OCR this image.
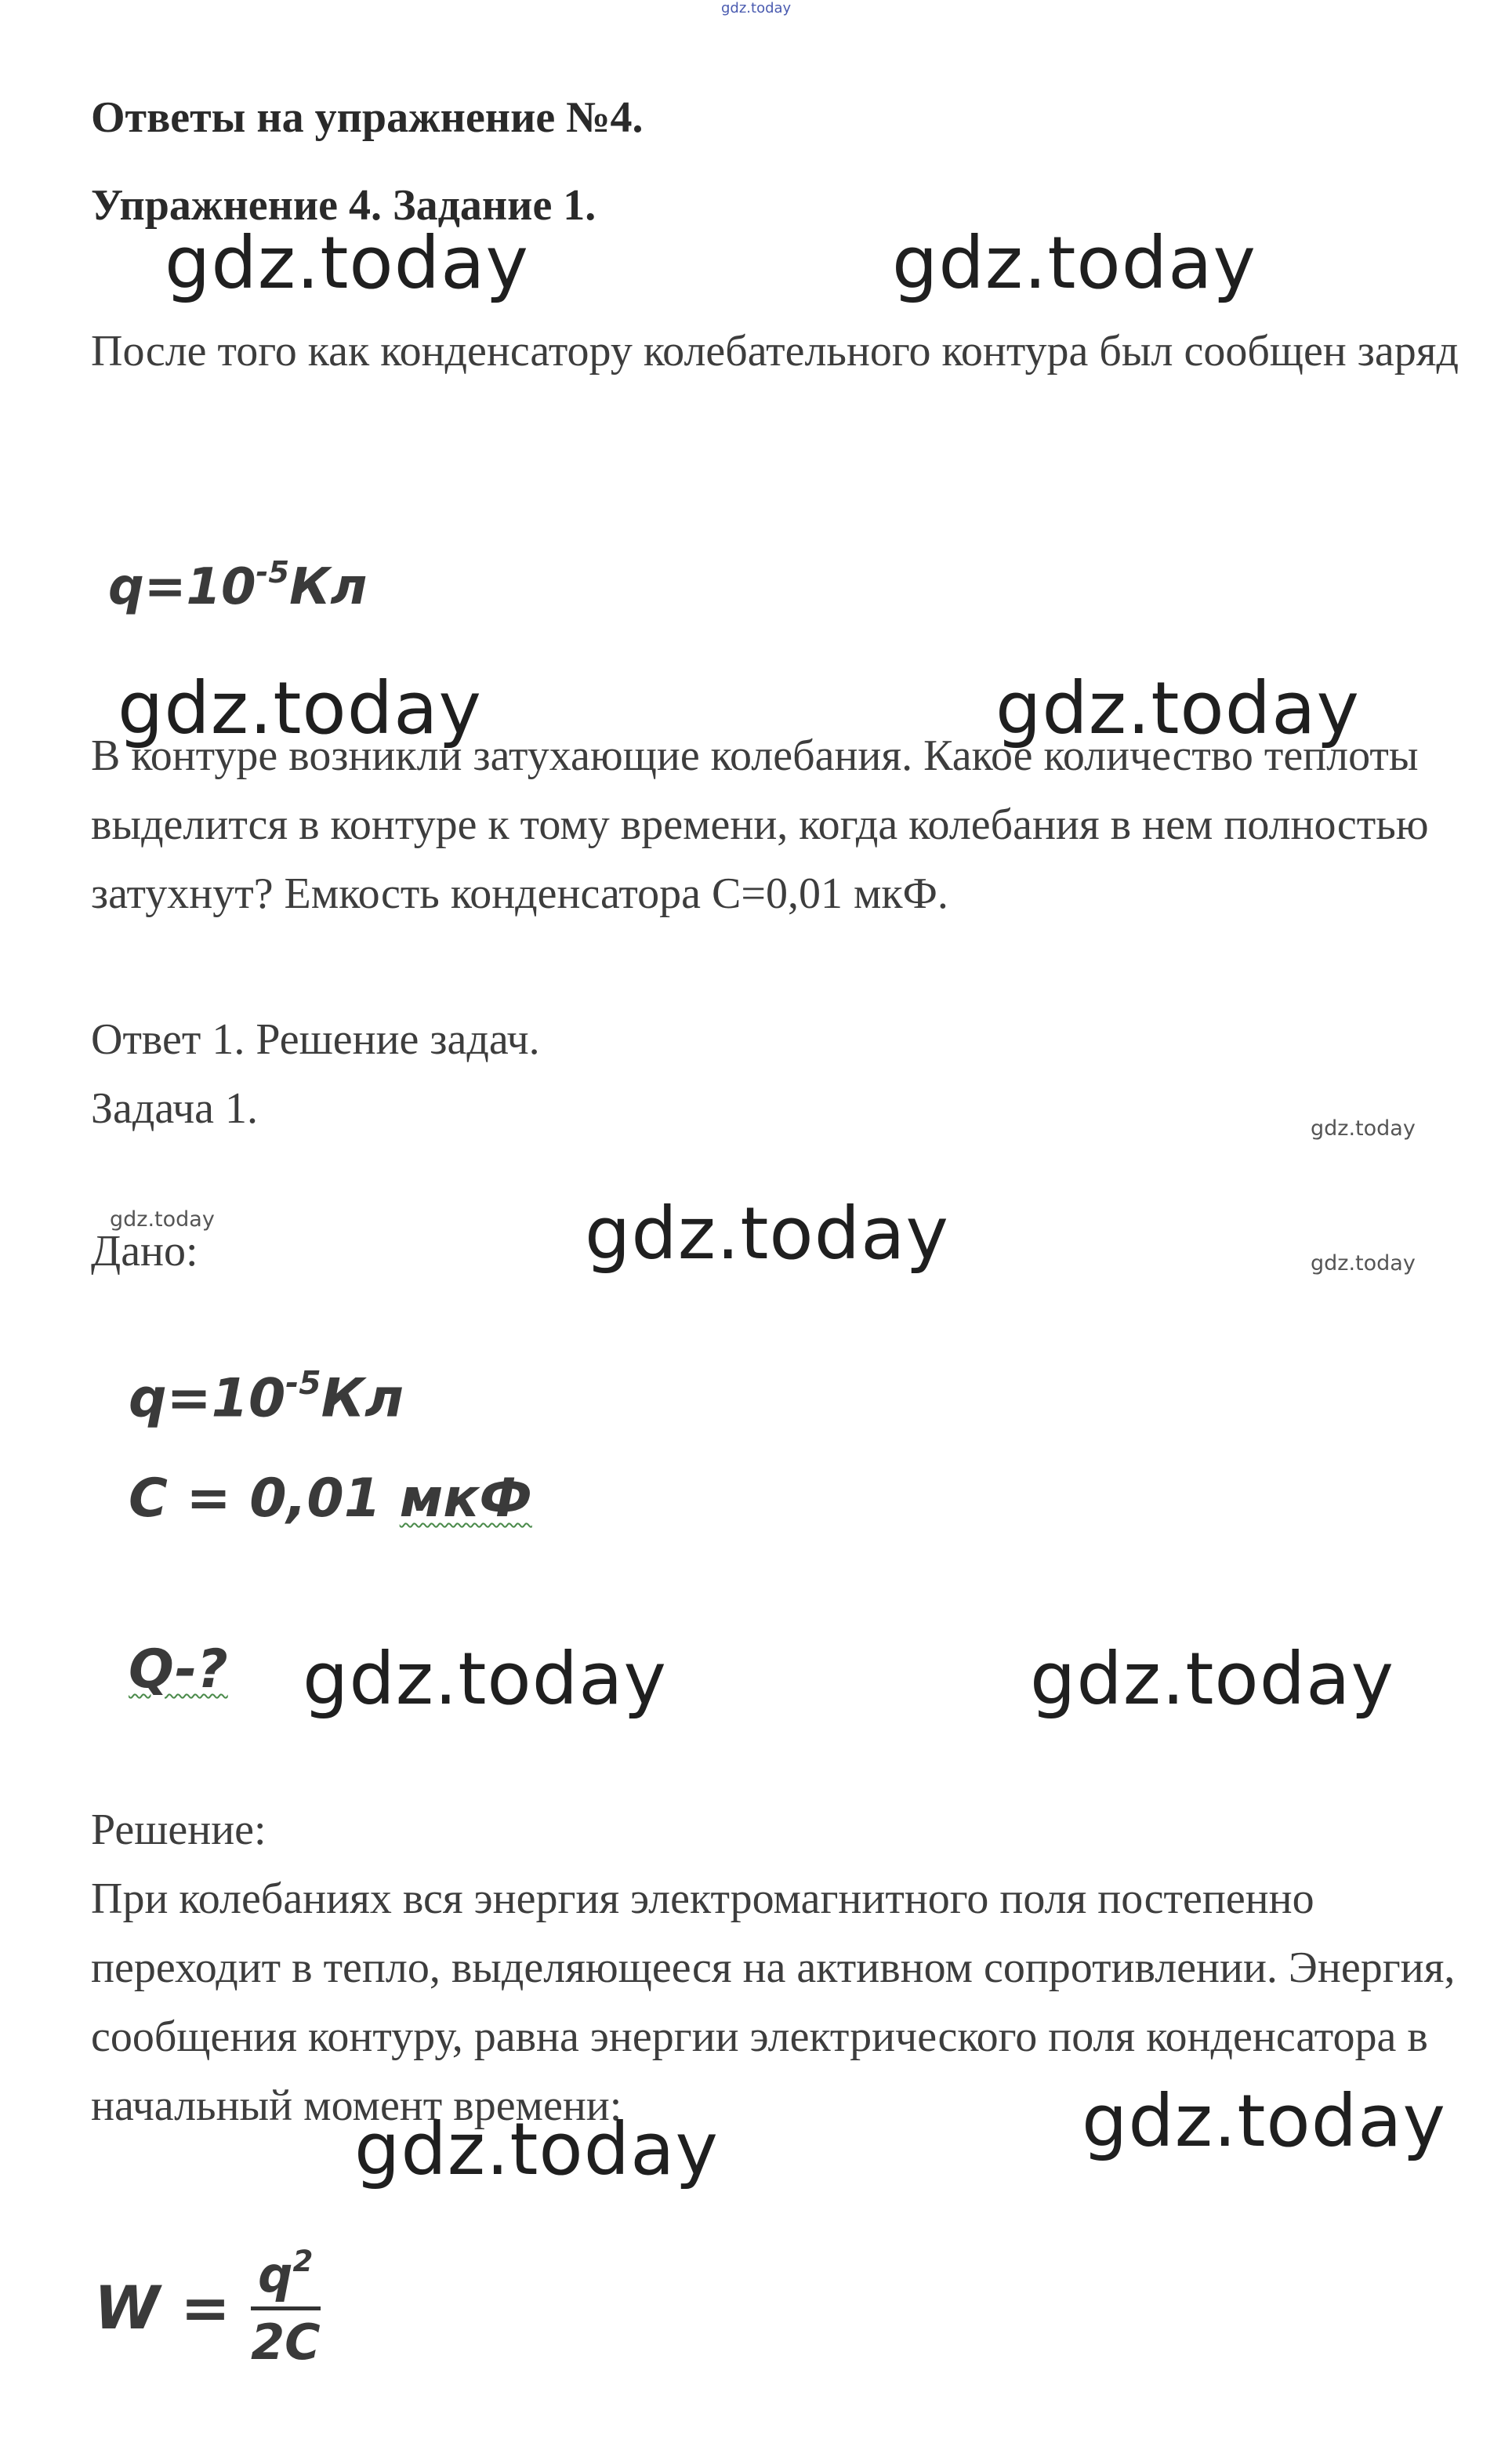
gdz.today
Ответы на упражнение №4.
Упражнение 4. Задание 1.
gdz.today	gdz.today
После того как конденсатору колебательного контура был сообщен заряд
$q=10^{-5}Кл$
gdz.today	gdz.today
В контуре возникли затухающие колебания. Какое количество теплоты выделится в контуре к тому времени, когда колебания в нем полностью затухнут? Емкость конденсатора С=0,01 мкФ.
Ответ 1. Решение задач.
Задача 1.	gdz.today
gdz.today
gdz.today
Дано:	gdz.today
$q=10^{-5}Кл$
C = 0,01 мкФ
Q-? gdz.today	gdz.today
Решение:
При колебаниях вся энергия электромагнитного поля постепенно переходит в тепло, выделяющееся на активном сопротивлении. Энергия, сообщения контуру, равна энергии электрического поля конденсатора в начальный момент времени:
gdz.today	gdz.today
$W = q^2$
2C
